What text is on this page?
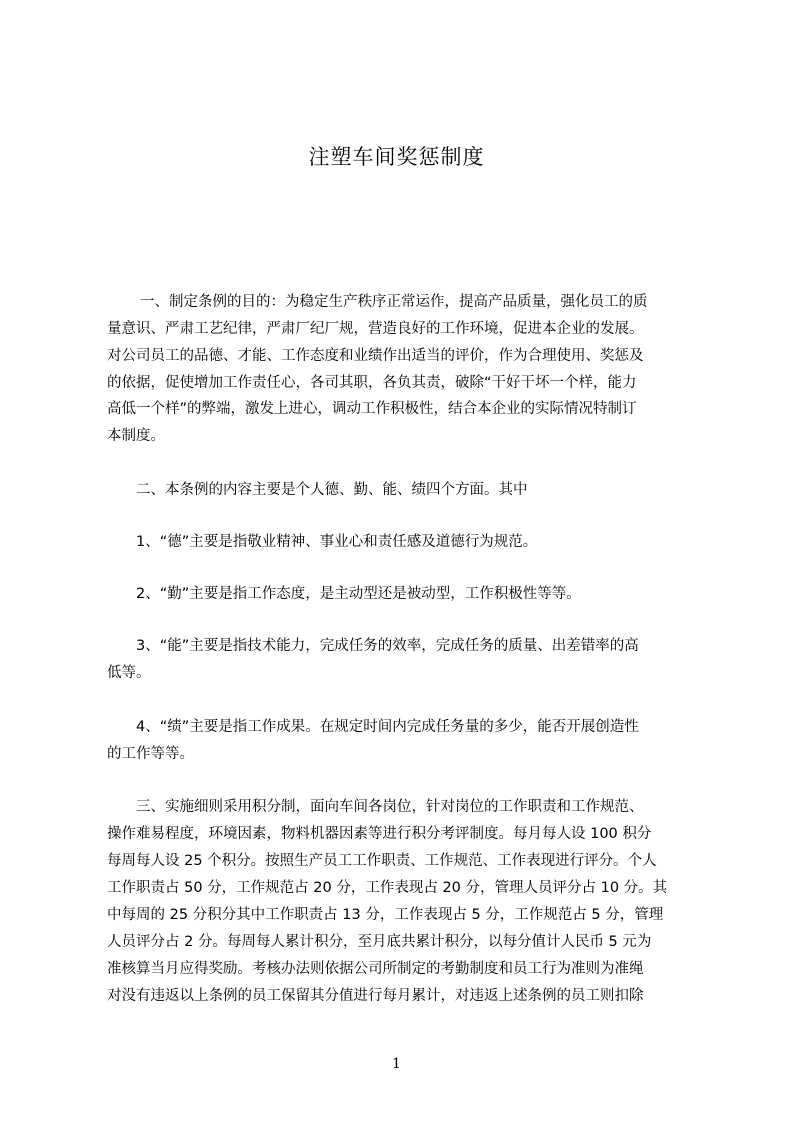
注塑车间奖惩制度
一、制定条例的目的：为稳定生产秩序正常运作，提高产品质量，强化员工的质
量意识、严肃工艺纪律，严肃厂纪厂规，营造良好的工作环境，促进本企业的发展。
对公司员工的品德、才能、工作态度和业绩作出适当的评价，作为合理使用、奖惩及
的依据，促使增加工作责任心，各司其职，各负其责，破除“干好干坏一个样，能力
高低一个样”的弊端，激发上进心，调动工作积极性，结合本企业的实际情况特制订
本制度。
二、本条例的内容主要是个人德、勤、能、绩四个方面。其中
1、“德”主要是指敬业精神、事业心和责任感及道德行为规范。
2、“勤”主要是指工作态度，是主动型还是被动型，工作积极性等等。
3、“能”主要是指技术能力，完成任务的效率，完成任务的质量、出差错率的高
低等。
4、“绩”主要是指工作成果。在规定时间内完成任务量的多少，能否开展创造性
的工作等等。
三、实施细则采用积分制，面向车间各岗位，针对岗位的工作职责和工作规范、
操作难易程度，环境因素，物料机器因素等进行积分考评制度。每月每人设 100 积分
每周每人设 25 个积分。按照生产员工工作职责、工作规范、工作表现进行评分。个人
工作职责占 50 分，工作规范占 20 分，工作表现占 20 分，管理人员评分占 10 分。其
中每周的 25 分积分其中工作职责占 13 分，工作表现占 5 分，工作规范占 5 分，管理
人员评分占 2 分。每周每人累计积分，至月底共累计积分，以每分值计人民币 5 元为
准核算当月应得奖励。考核办法则依据公司所制定的考勤制度和员工行为准则为准绳
对没有违返以上条例的员工保留其分值进行每月累计，对违返上述条例的员工则扣除
1
